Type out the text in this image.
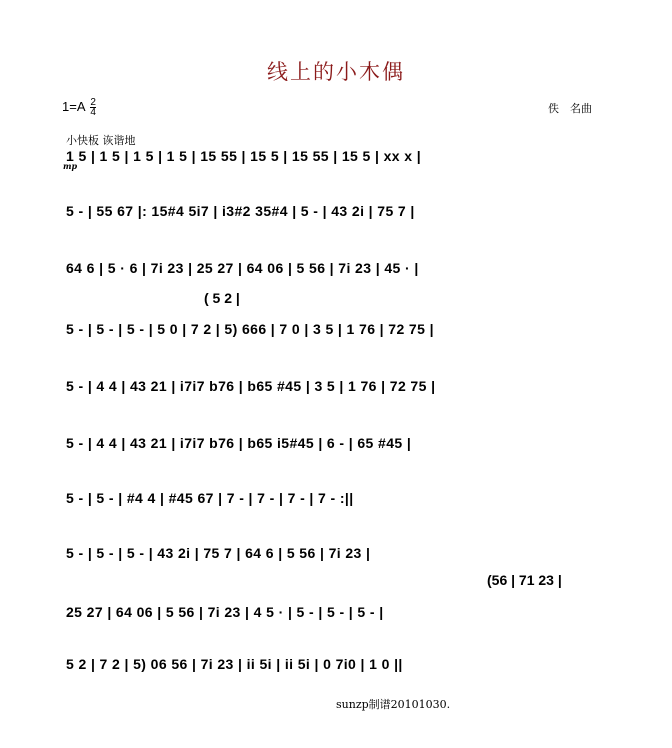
线上的小木偶
$1=A \frac{2}{4}$	佚　名曲
小快板 诙谐地
mp
( 5 2 |
(56 | 71 23 |
1 5 | 1 5 | 1 5 | 1 5 | 15 55 | 15 5 | 15 55 | 15 5 | xx x |
5 - | 55 67 |: 15#4 5i7 | i3#2 35#4 | 5 - | 43 2i | 75 7 |
64 6 | 5 · 6 | 7i 23 | 25 27 | 64 06 | 5 56 | 7i 23 | 45 · |
5 - | 5 - | 5 - | 5 0 | 7 2 | 5) 666 | 7 0 | 3 5 | 1 76 | 72 75 |
5 - | 4 4 | 43 21 | i7i7 b76 | b65 #45 | 3 5 | 1 76 | 72 75 |
5 - | 4 4 | 43 21 | i7i7 b76 | b65 i5#45 | 6 - | 65 #45 |
5 - | 5 - | #4 4 | #45 67 | 7 - | 7 - | 7 - | 7 - :||
5 - | 5 - | 5 - | 43 2i | 75 7 | 64 6 | 5 56 | 7i 23 |
25 27 | 64 06 | 5 56 | 7i 23 | 4 5 · | 5 - | 5 - | 5 - |
5 2 | 7 2 | 5) 06 56 | 7i 23 | ii 5i | ii 5i | 0 7i0 | 1 0 ||
sunzp制谱20101030.
